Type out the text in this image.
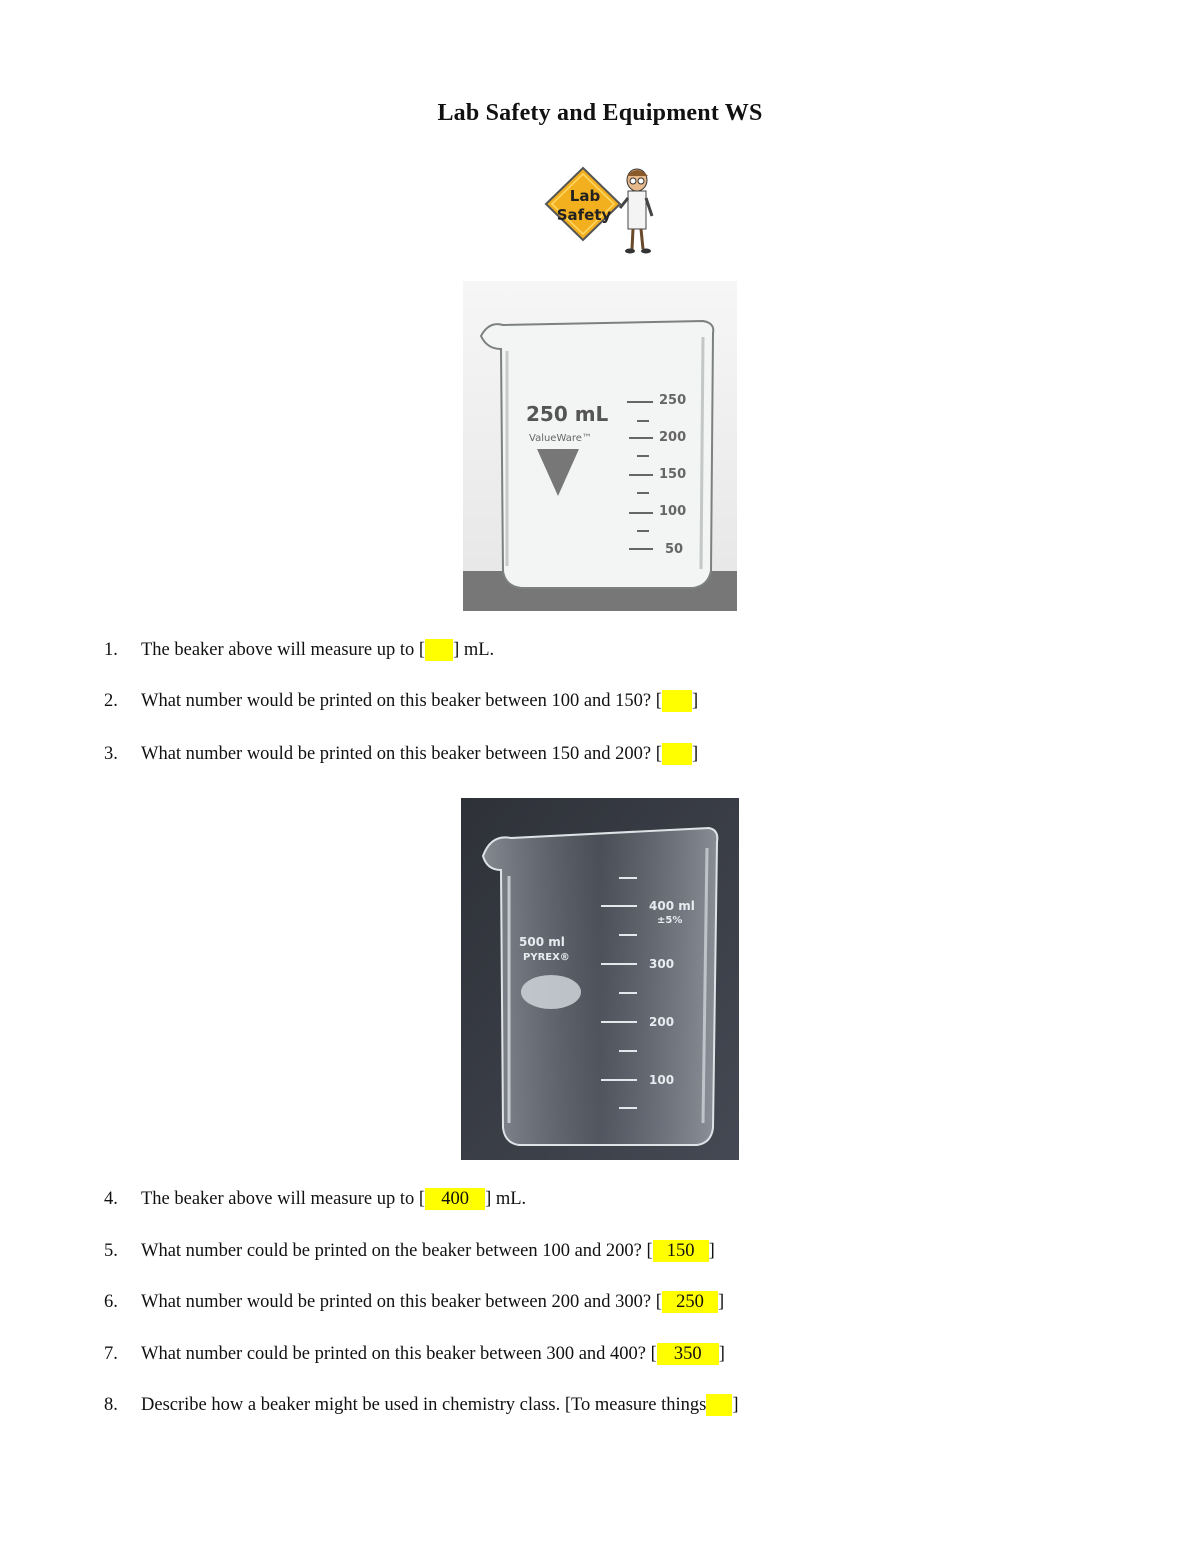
Lab Safety and Equipment WS
Lab
Safety
250 mL
ValueWare™
250
200
150
100
50
1. The beaker above will measure up to [ ] mL.
2. What number would be printed on this beaker between 100 and 150? [ ]
3. What number would be printed on this beaker between 150 and 200? [ ]
400 ml
±5%
300
200
100
500 ml
PYREX®
4. The beaker above will measure up to [ 400 ] mL.
5. What number could be printed on the beaker between 100 and 200? [ 150 ]
6. What number would be printed on this beaker between 200 and 300? [ 250 ]
7. What number could be printed on this beaker between 300 and 400? [ 350 ]
8. Describe how a beaker might be used in chemistry class. [To measure things ]
